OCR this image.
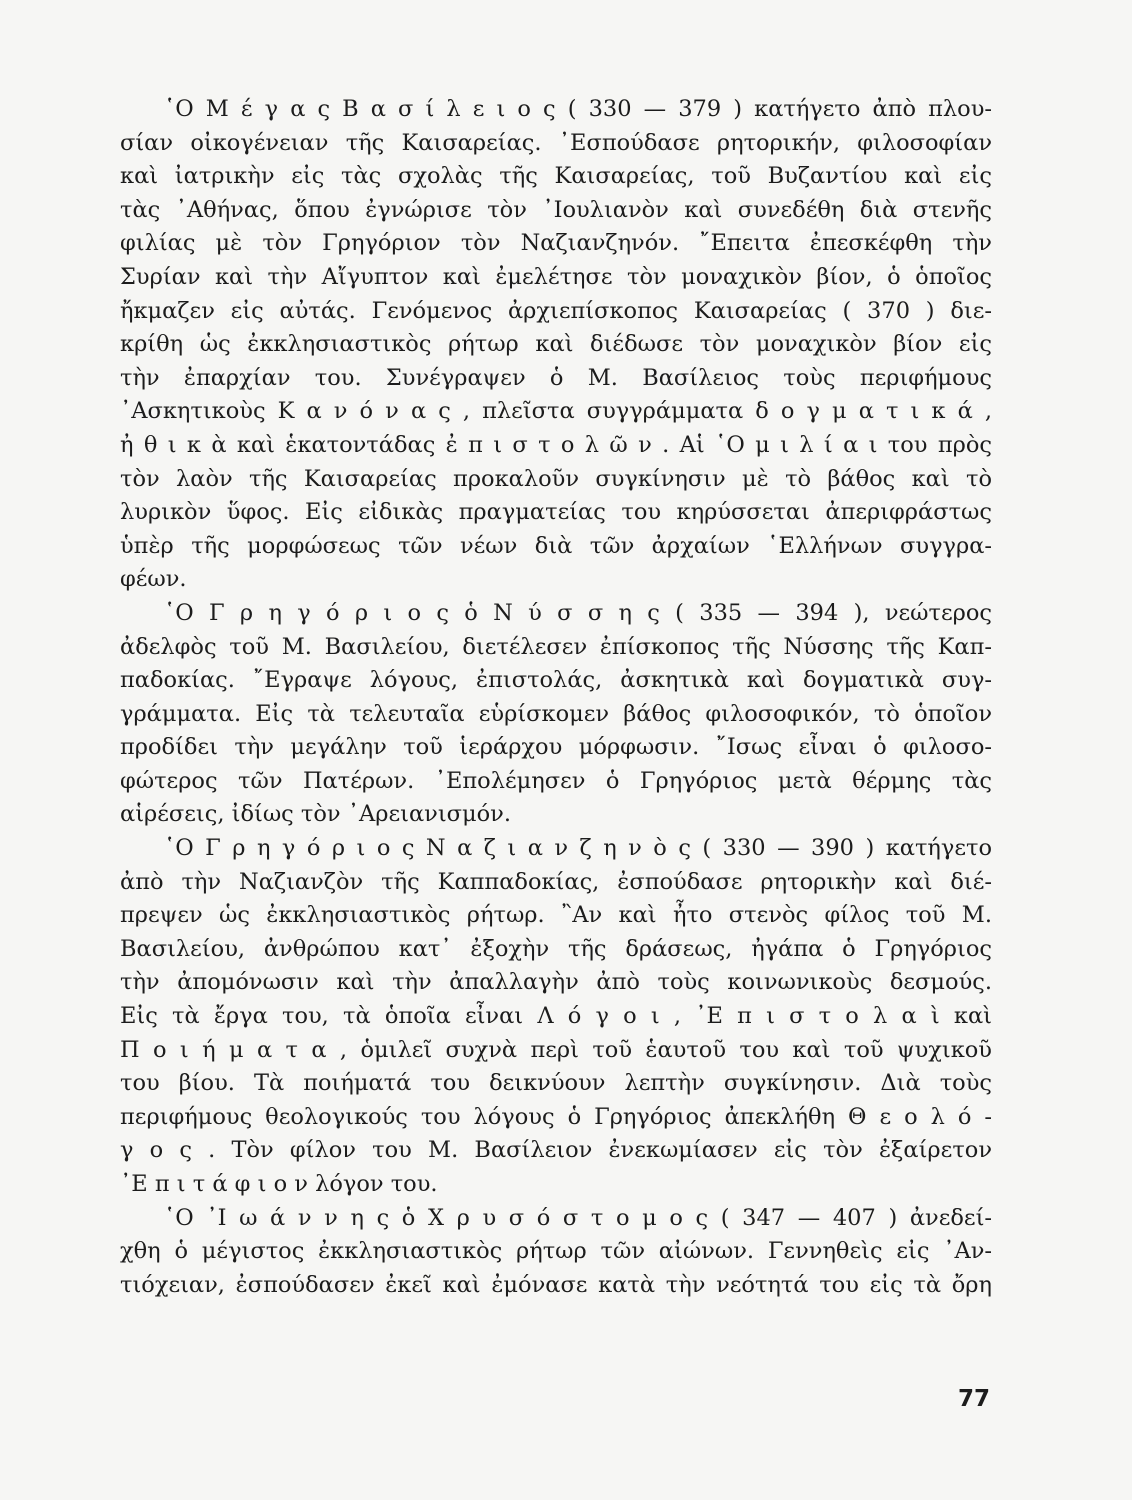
῾Ο Μ έ γ α ς Β α σ ί λ ε ι ο ς ( 330 — 379 ) κατήγετο ἀπὸ πλου-
σίαν οἰκογένειαν τῆς Καισαρείας. ᾿Εσπούδασε ρητορικήν, φιλοσοφίαν
καὶ ἰατρικὴν εἰς τὰς σχολὰς τῆς Καισαρείας, τοῦ Βυζαντίου καὶ εἰς
τὰς ᾿Αθήνας, ὅπου ἐγνώρισε τὸν ᾿Ιουλιανὸν καὶ συνεδέθη διὰ στενῆς
φιλίας μὲ τὸν Γρηγόριον τὸν Ναζιανζηνόν. ῎Επειτα ἐπεσκέφθη τὴν
Συρίαν καὶ τὴν Αἴγυπτον καὶ ἐμελέτησε τὸν μοναχικὸν βίον, ὁ ὁποῖος
ἤκμαζεν εἰς αὐτάς. Γενόμενος ἀρχιεπίσκοπος Καισαρείας ( 370 ) διε-
κρίθη ὡς ἐκκλησιαστικὸς ρήτωρ καὶ διέδωσε τὸν μοναχικὸν βίον εἰς
τὴν ἐπαρχίαν του. Συνέγραψεν ὁ Μ. Βασίλειος τοὺς περιφήμους
᾿Ασκητικοὺς Κ α ν ό ν α ς , πλεῖστα συγγράμματα δ ο γ μ α τ ι κ ά ,
ἠ θ ι κ ὰ καὶ ἑκατοντάδας ἐ π ι σ τ ο λ ῶ ν . Αἱ ῾Ο μ ι λ ί α ι του πρὸς
τὸν λαὸν τῆς Καισαρείας προκαλοῦν συγκίνησιν μὲ τὸ βάθος καὶ τὸ
λυρικὸν ὕφος. Εἰς εἰδικὰς πραγματείας του κηρύσσεται ἀπεριφράστως
ὑπὲρ τῆς μορφώσεως τῶν νέων διὰ τῶν ἀρχαίων ῾Ελλήνων συγγρα-
φέων.
῾Ο Γ ρ η γ ό ρ ι ο ς ὁ Ν ύ σ σ η ς ( 335 — 394 ), νεώτερος
ἀδελφὸς τοῦ Μ. Βασιλείου, διετέλεσεν ἐπίσκοπος τῆς Νύσσης τῆς Καπ-
παδοκίας. ῎Εγραψε λόγους, ἐπιστολάς, ἀσκητικὰ καὶ δογματικὰ συγ-
γράμματα. Εἰς τὰ τελευταῖα εὑρίσκομεν βάθος φιλοσοφικόν, τὸ ὁποῖον
προδίδει τὴν μεγάλην τοῦ ἱεράρχου μόρφωσιν. ῎Ισως εἶναι ὁ φιλοσο-
φώτερος τῶν Πατέρων. ᾿Επολέμησεν ὁ Γρηγόριος μετὰ θέρμης τὰς
αἱρέσεις, ἰδίως τὸν ᾿Αρειανισμόν.
῾Ο Γ ρ η γ ό ρ ι ο ς Ν α ζ ι α ν ζ η ν ὸ ς ( 330 — 390 ) κατήγετο
ἀπὸ τὴν Ναζιανζὸν τῆς Καππαδοκίας, ἐσπούδασε ρητορικὴν καὶ διέ-
πρεψεν ὡς ἐκκλησιαστικὸς ρήτωρ. ῍Αν καὶ ἦτο στενὸς φίλος τοῦ Μ.
Βασιλείου, ἀνθρώπου κατ᾿ ἐξοχὴν τῆς δράσεως, ἠγάπα ὁ Γρηγόριος
τὴν ἀπομόνωσιν καὶ τὴν ἀπαλλαγὴν ἀπὸ τοὺς κοινωνικοὺς δεσμούς.
Εἰς τὰ ἔργα του, τὰ ὁποῖα εἶναι Λ ό γ ο ι , ᾿Ε π ι σ τ ο λ α ὶ καὶ
Π ο ι ή μ α τ α , ὁμιλεῖ συχνὰ περὶ τοῦ ἑαυτοῦ του καὶ τοῦ ψυχικοῦ
του βίου. Τὰ ποιήματά του δεικνύουν λεπτὴν συγκίνησιν. Διὰ τοὺς
περιφήμους θεολογικούς του λόγους ὁ Γρηγόριος ἀπεκλήθη Θ ε ο λ ό -
γ ο ς . Τὸν φίλον του Μ. Βασίλειον ἐνεκωμίασεν εἰς τὸν ἐξαίρετον
᾿Ε π ι τ ά φ ι ο ν λόγον του.
῾Ο ᾿Ι ω ά ν ν η ς ὁ Χ ρ υ σ ό σ τ ο μ ο ς ( 347 — 407 ) ἀνεδεί-
χθη ὁ μέγιστος ἐκκλησιαστικὸς ρήτωρ τῶν αἰώνων. Γεννηθεὶς εἰς ᾿Αν-
τιόχειαν, ἐσπούδασεν ἐκεῖ καὶ ἐμόνασε κατὰ τὴν νεότητά του εἰς τὰ ὄρη
77
